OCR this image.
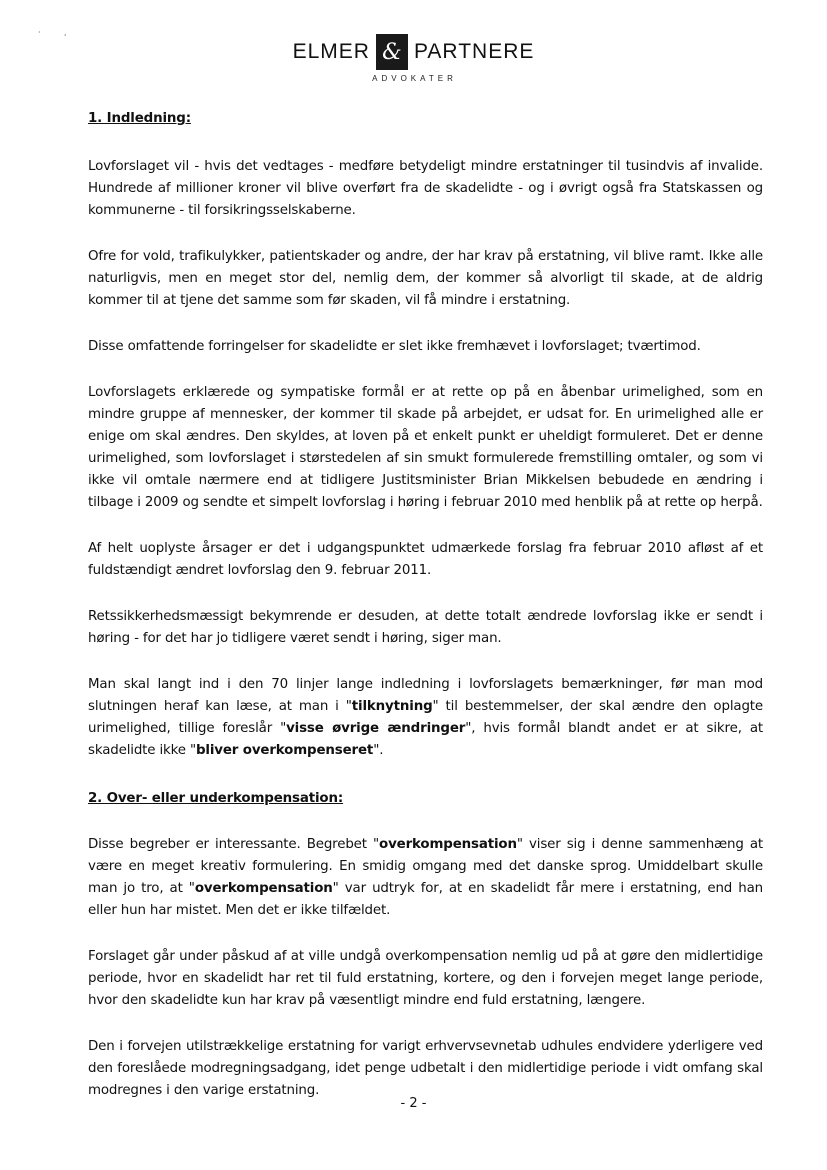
·	ˌ
ELMER & PARTNERE
ADVOKATER

1. Indledning:

Lovforslaget vil - hvis det vedtages - medføre betydeligt mindre erstatninger til tusindvis af invalide. Hundrede af millioner kroner vil blive overført fra de skadelidte - og i øvrigt også fra Statskassen og kommunerne - til forsikringsselskaberne.

Ofre for vold, trafikulykker, patientskader og andre, der har krav på erstatning, vil blive ramt. Ikke alle naturligvis, men en meget stor del, nemlig dem, der kommer så alvorligt til skade, at de aldrig kommer til at tjene det samme som før skaden, vil få mindre i erstatning.

Disse omfattende forringelser for skadelidte er slet ikke fremhævet i lovforslaget; tværtimod.

Lovforslagets erklærede og sympatiske formål er at rette op på en åbenbar urimelighed, som en mindre gruppe af mennesker, der kommer til skade på arbejdet, er udsat for. En urimelighed alle er enige om skal ændres. Den skyldes, at loven på et enkelt punkt er uheldigt formuleret. Det er denne urimelighed, som lovforslaget i størstedelen af sin smukt formulerede fremstilling omtaler, og som vi ikke vil omtale nærmere end at tidligere Justitsminister Brian Mikkelsen bebudede en ændring i tilbage i 2009 og sendte et simpelt lovforslag i høring i februar 2010 med henblik på at rette op herpå.

Af helt uoplyste årsager er det i udgangspunktet udmærkede forslag fra februar 2010 afløst af et fuldstændigt ændret lovforslag den 9. februar 2011.

Retssikkerhedsmæssigt bekymrende er desuden, at dette totalt ændrede lovforslag ikke er sendt i høring - for det har jo tidligere været sendt i høring, siger man.

Man skal langt ind i den 70 linjer lange indledning i lovforslagets bemærkninger, før man mod slutningen heraf kan læse, at man i "tilknytning" til bestemmelser, der skal ændre den oplagte urimelighed, tillige foreslår "visse øvrige ændringer", hvis formål blandt andet er at sikre, at skadelidte ikke "bliver overkompenseret".

2. Over- eller underkompensation:

Disse begreber er interessante. Begrebet "overkompensation" viser sig i denne sammenhæng at være en meget kreativ formulering. En smidig omgang med det danske sprog. Umiddelbart skulle man jo tro, at "overkompensation" var udtryk for, at en skadelidt får mere i erstatning, end han eller hun har mistet. Men det er ikke tilfældet.

Forslaget går under påskud af at ville undgå overkompensation nemlig ud på at gøre den midlertidige periode, hvor en skadelidt har ret til fuld erstatning, kortere, og den i forvejen meget lange periode, hvor den skadelidte kun har krav på væsentligt mindre end fuld erstatning, længere.

Den i forvejen utilstrækkelige erstatning for varigt erhvervsevnetab udhules endvidere yderligere ved den foreslåede modregningsadgang, idet penge udbetalt i den midlertidige periode i vidt omfang skal modregnes i den varige erstatning.

- 2 -
